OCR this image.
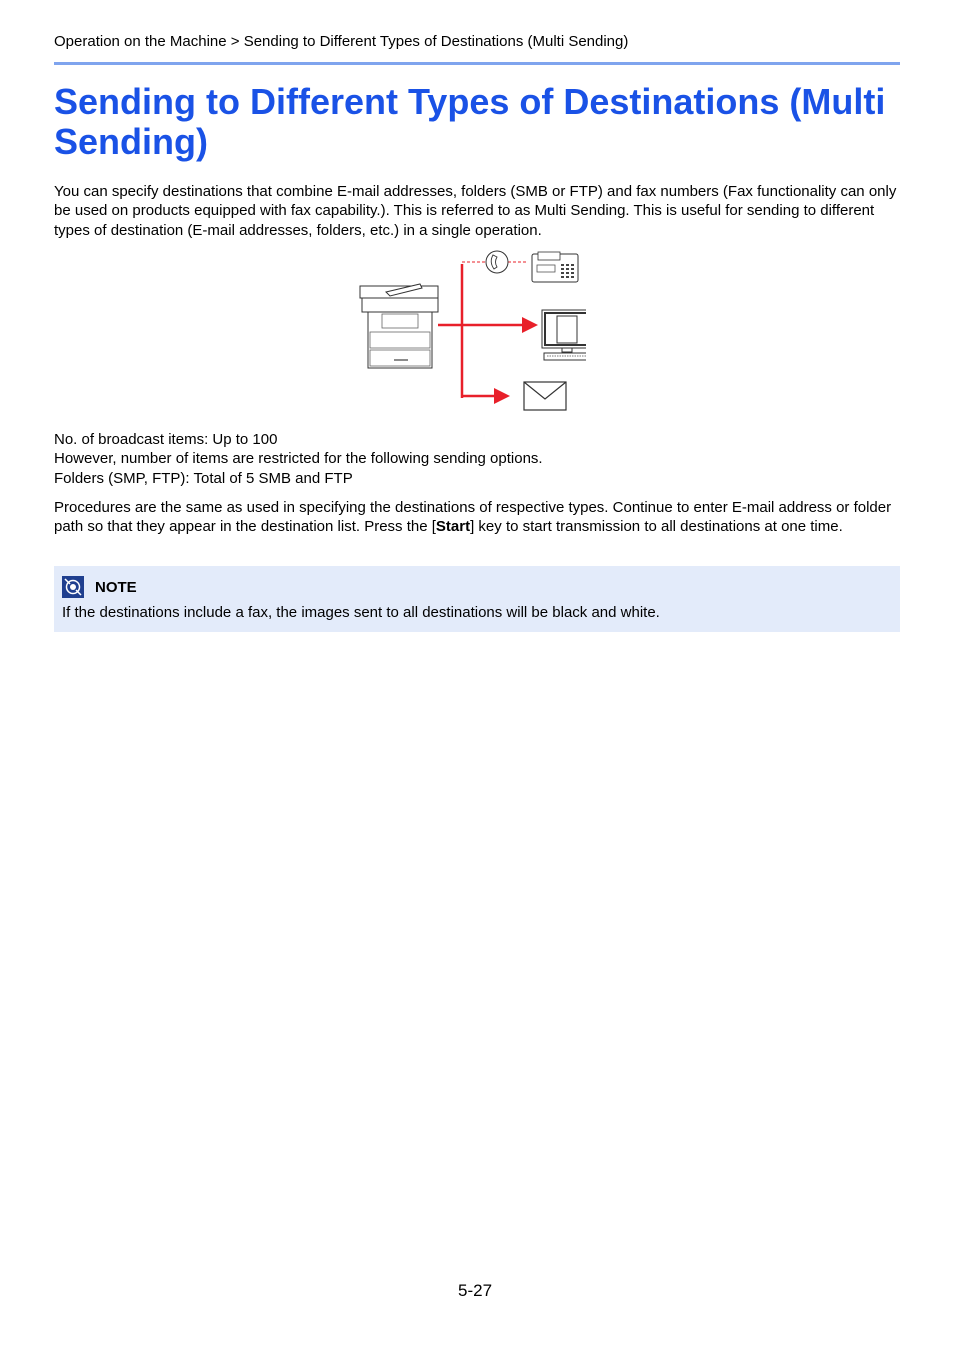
Operation on the Machine > Sending to Different Types of Destinations (Multi Sending)
Sending to Different Types of Destinations (Multi Sending)

You can specify destinations that combine E-mail addresses, folders (SMB or FTP) and fax numbers (Fax functionality can only be used on products equipped with fax capability.). This is referred to as Multi Sending. This is useful for sending to different types of destination (E-mail addresses, folders, etc.) in a single operation.

No. of broadcast items: Up to 100
However, number of items are restricted for the following sending options.
Folders (SMP, FTP): Total of 5 SMB and FTP

Procedures are the same as used in specifying the destinations of respective types. Continue to enter E-mail address or folder path so that they appear in the destination list. Press the [Start] key to start transmission to all destinations at one time.

NOTE
If the destinations include a fax, the images sent to all destinations will be black and white.
5-27
